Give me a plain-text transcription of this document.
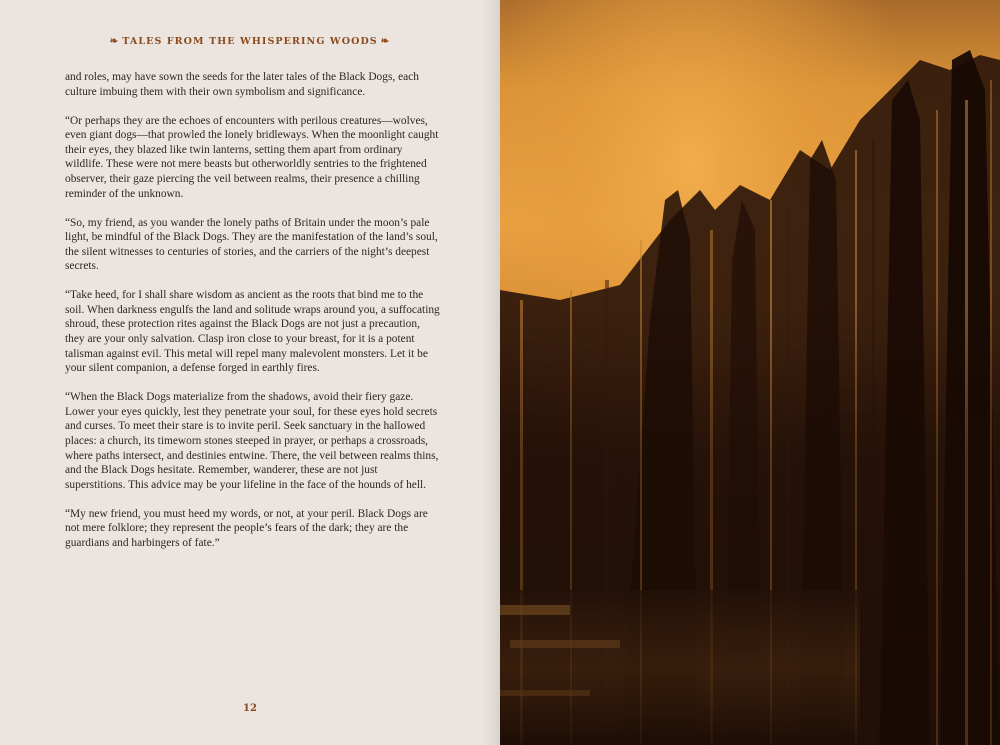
❧ TALES FROM THE WHISPERING WOODS ❧

and roles, may have sown the seeds for the later tales of the Black Dogs, each culture imbuing them with their own symbolism and significance.

“Or perhaps they are the echoes of encounters with perilous creatures—wolves, even giant dogs—that prowled the lonely bridleways. When the moonlight caught their eyes, they blazed like twin lanterns, setting them apart from ordinary wildlife. These were not mere beasts but otherworldly sentries to the frightened observer, their gaze piercing the veil between realms, their presence a chilling reminder of the unknown.

“So, my friend, as you wander the lonely paths of Britain under the moon’s pale light, be mindful of the Black Dogs. They are the manifestation of the land’s soul, the silent witnesses to centuries of stories, and the carriers of the night’s deepest secrets.

“Take heed, for I shall share wisdom as ancient as the roots that bind me to the soil. When darkness engulfs the land and solitude wraps around you, a suffocating shroud, these protection rites against the Black Dogs are not just a precaution, they are your only salvation. Clasp iron close to your breast, for it is a potent talisman against evil. This metal will repel many malevolent monsters. Let it be your silent companion, a defense forged in earthly fires.

“When the Black Dogs materialize from the shadows, avoid their fiery gaze. Lower your eyes quickly, lest they penetrate your soul, for these eyes hold secrets and curses. To meet their stare is to invite peril. Seek sanctuary in the hallowed places: a church, its timeworn stones steeped in prayer, or perhaps a crossroads, where paths intersect, and destinies entwine. There, the veil between realms thins, and the Black Dogs hesitate. Remember, wanderer, these are not just superstitions. This advice may be your lifeline in the face of the hounds of hell.

“My new friend, you must heed my words, or not, at your peril. Black Dogs are not mere folklore; they represent the people’s fears of the dark; they are the guardians and harbingers of fate.”

12
